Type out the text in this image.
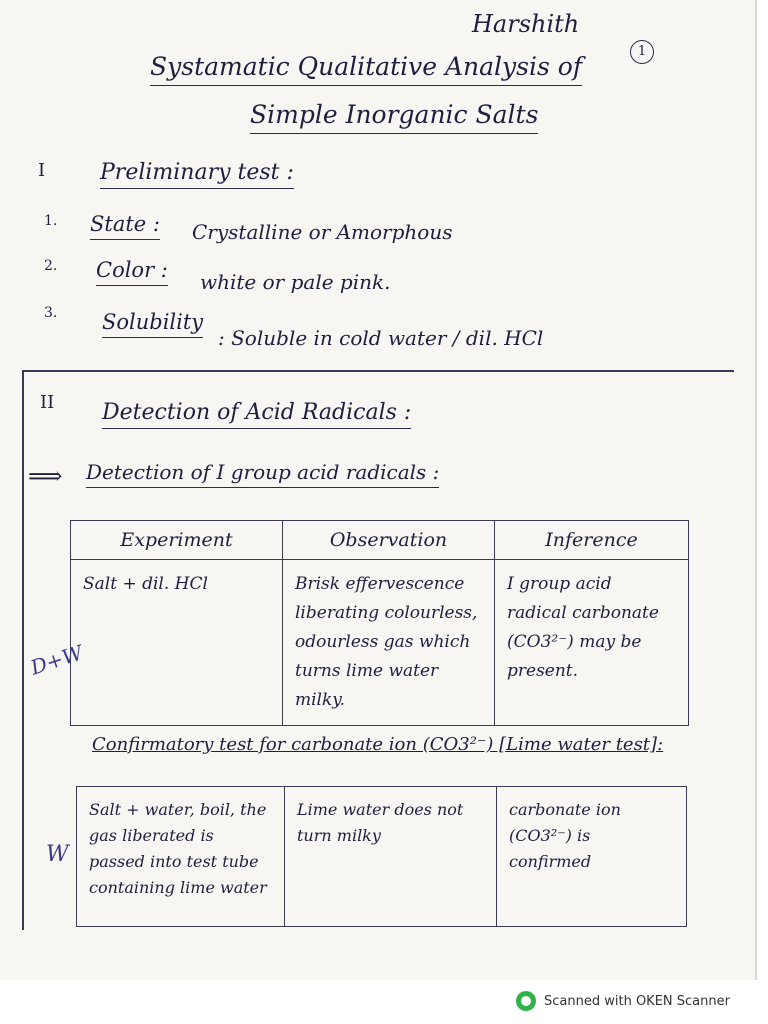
Harshith
1
Systamatic Qualitative Analysis of
Simple Inorganic Salts
I Preliminary test :
1. State : Crystalline or Amorphous
2. Color : white or pale pink.
3. Solubility
: Soluble in cold water / dil. HCl
II Detection of Acid Radicals :
⟹ Detection of I group acid radicals :
Experiment	Observation	Inference
Salt + dil. HCl	Brisk effervescence liberating colourless, odourless gas which turns lime water milky.	I group acid radical carbonate (CO3²⁻) may be present.
D+W
Confirmatory test for carbonate ion (CO3²⁻) [Lime water test]:
Salt + water, boil, the gas liberated is passed into test tube containing lime water	Lime water does not turn milky	carbonate ion (CO3²⁻) is confirmed
W
Scanned with OKEN Scanner
